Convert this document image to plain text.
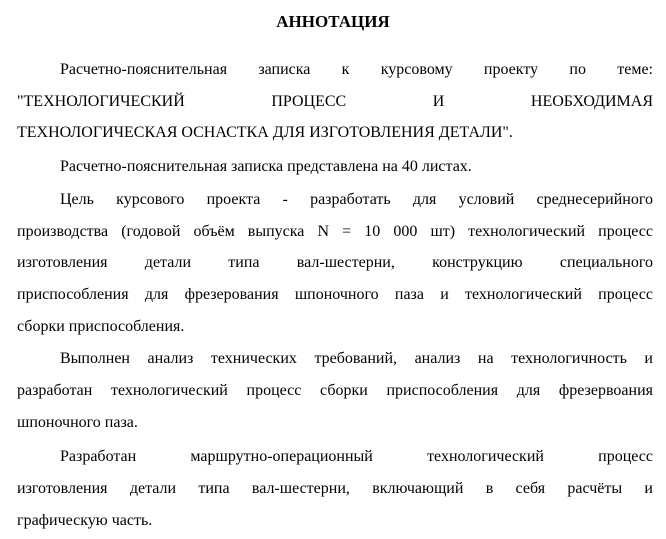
АННОТАЦИЯ
Расчетно-пояснительная записка к курсовому проекту по теме:
"ТЕХНОЛОГИЧЕСКИЙ ПРОЦЕСС И НЕОБХОДИМАЯ
ТЕХНОЛОГИЧЕСКАЯ ОСНАСТКА ДЛЯ ИЗГОТОВЛЕНИЯ ДЕТАЛИ".
Расчетно-пояснительная записка представлена на 40 листах.
Цель курсового проекта - разработать для условий среднесерийного
производства (годовой объём выпуска N = 10 000 шт) технологический процесс
изготовления детали типа вал-шестерни, конструкцию специального
приспособления для фрезерования шпоночного паза и технологический процесс
сборки приспособления.
Выполнен анализ технических требований, анализ на технологичность и
разработан технологический процесс сборки приспособления для фрезервоания
шпоночного паза.
Разработан маршрутно-операционный технологический процесс
изготовления детали типа вал-шестерни, включающий в себя расчёты и
графическую часть.
